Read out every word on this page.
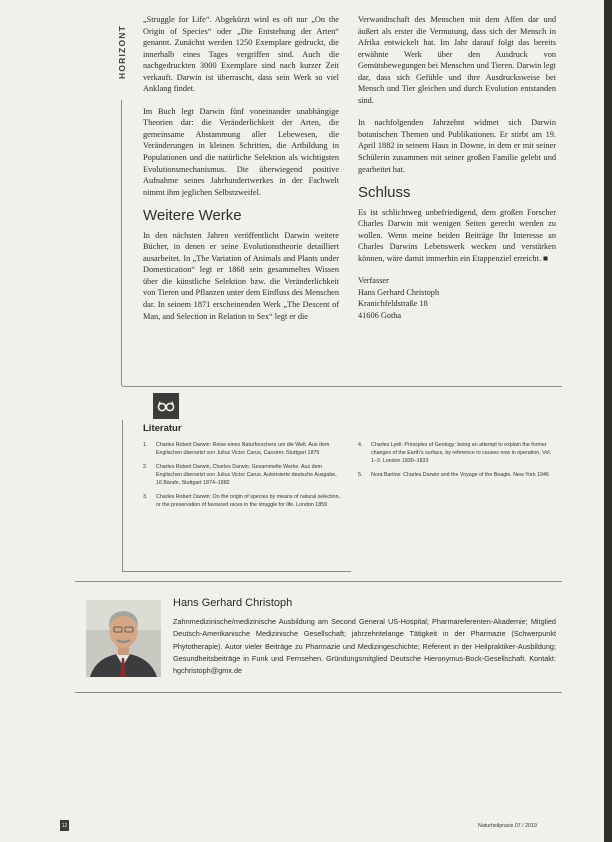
HORIZONT

„Struggle for Life“. Abgekürzt wird es oft nur „On the Origin of Species“ oder „Die Entstehung der Arten“ genannt. Zunächst werden 1250 Exemplare gedruckt, die innerhalb eines Tages vergriffen sind. Auch die nachgedruckten 3000 Exemplare sind nach kurzer Zeit verkauft. Darwin ist überrascht, dass sein Werk so viel Anklang findet.

Im Buch legt Darwin fünf voneinander unabhängige Theorien dar: die Veränderlichkeit der Arten, die gemeinsame Abstammung aller Lebewesen, die Veränderungen in kleinen Schritten, die Artbildung in Populationen und die natürliche Selektion als wichtigsten Evolutionsmechanismus. Die überwiegend positive Aufnahme seines Jahrhundertwerkes in der Fachwelt nimmt ihm jeglichen Selbstzweifel.

Weitere Werke

In den nächsten Jahren veröffentlicht Darwin weitere Bücher, in denen er seine Evolutionstheorie detailliert ausarbeitet. In „The Variation of Animals and Plants under Domestication“ legt er 1868 sein gesammeltes Wissen über die künstliche Selektion bzw. die Veränderlichkeit von Tieren und Pflanzen unter dem Einfluss des Menschen dar. In seinem 1871 erscheinenden Werk „The Descent of Man, and Selection in Relation to Sex“ legt er die

Verwandtschaft des Menschen mit dem Affen dar und äußert als erster die Vermutung, dass sich der Mensch in Afrika entwickelt hat. Im Jahr darauf folgt das bereits erwähnte Werk über den Ausdruck von Gemütsbewegungen bei Menschen und Tieren. Darwin legt dar, dass sich Gefühle und ihre Ausdrucksweise bei Mensch und Tier gleichen und durch Evolution entstanden sind.

In nachfolgenden Jahrzehnt widmet sich Darwin botanischen Themen und Publikationen. Er stirbt am 19. April 1882 in seinem Haus in Downe, in dem er mit seiner Schülerin zusammen mit seiner großen Familie gelebt und gearbeitet hat.

Schluss

Es ist schlichtweg unbefriedigend, dem großen Forscher Charles Darwin mit wenigen Seiten gerecht werden zu wollen. Wenn meine beiden Beiträge Ihr Interesse an Charles Darwins Lebenswerk wecken und verstärken können, wäre damit immerhin ein Etappenziel erreicht. ■

Verfasser

Hans Gerhard Christoph

Kranichfeldstraße 18

41606 Gotha

Literatur
1.	Charles Robert Darwin: Reise eines Naturforschers um die Welt. Aus dem Englischen übersetzt von Julius Victor Carus, Cassirer, Stuttgart 1875
2.	Charles Robert Darwin, Charles Darwin: Gesammelte Werke. Aus dem Englischen übersetzt von Julius Victor Carus. Autorisierte deutsche Ausgabe, 16 Bände, Stuttgart 1874–1882
3.	Charles Robert Darwin: On the origin of species by means of natural selection, or the preservation of favoured races in the struggle for life. London 1859
4.	Charles Lyell: Principles of Geology: being an attempt to explain the former changes of the Earth's surface, by reference to causes now in operation, Vol. 1–3. London 1830–1833
5.	Nora Barlow: Charles Darwin and the Voyage of the Beagle. New York 1946
Hans Gerhard Christoph
Zahnmedizinische/medizinische Ausbildung am Second General US-Hospital; Pharmareferenten-Akademie; Mitglied Deutsch-Amerikanische Medizinische Gesellschaft; jahrzehntelange Tätigkeit in der Pharmazie (Schwerpunkt Phytotherapie). Autor vieler Beiträge zu Pharmazie und Medizingeschichte; Referent in der Heilpraktiker-Ausbildung; Gesundheitsbeiträge in Funk und Fernsehen. Gründungsmitglied Deutsche Hieronymus-Bock-Gesellschaft. Kontakt: hgchristoph@gmx.de
12	Naturheilpraxis 07 / 2019
